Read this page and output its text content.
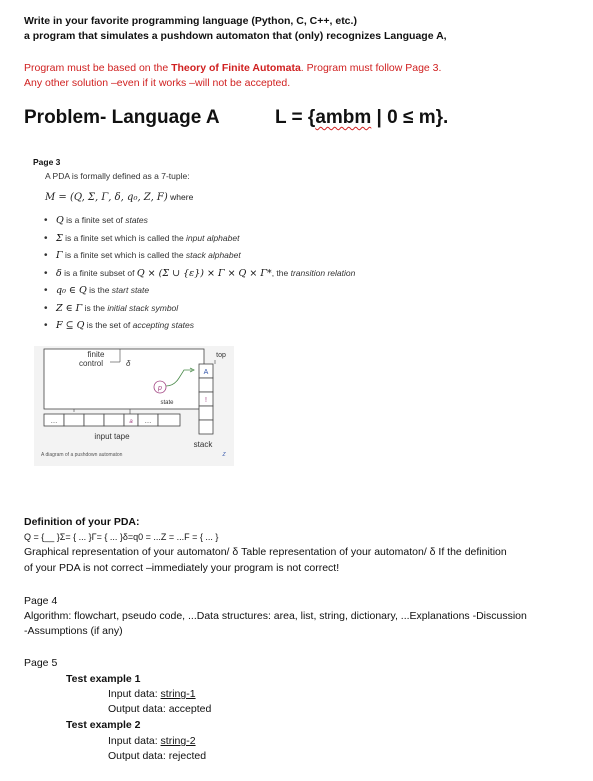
Write in your favorite programming language (Python, C, C++, etc.)
a program that simulates a pushdown automaton that (only) recognizes Language A,
Program must be based on the Theory of Finite Automata. Program must follow Page 3.
Any other solution –even if it works –will not be accepted.
Problem- Language A	L = {ambm | 0 ≤ m}.
Page 3
A PDA is formally defined as a 7-tuple:
M = (Q, Σ, Γ, δ, q₀, Z, F) where
• Q is a finite set of states
• Σ is a finite set which is called the input alphabet
• Γ is a finite set which is called the stack alphabet
• δ is a finite subset of Q × (Σ ∪ {ε}) × Γ × Q × Γ*, the transition relation
• q₀ ∈ Q is the start state
• Z ∈ Γ is the initial stack symbol
• F ⊆ Q is the set of accepting states
finite
control	δ
p
state
top
A
!
stack
Z
…	a …
input tape
A diagram of a pushdown automaton
Definition of your PDA:
Q = {__ }Σ= { ... }Γ= { ... }δ=q0 = ...Z = ...F = { ... }
Graphical representation of your automaton/ δ Table representation of your automaton/ δ If the definition
of your PDA is not correct –immediately your program is not correct!
Page 4
Algorithm: flowchart, pseudo code, ...Data structures: area, list, string, dictionary, ...Explanations -Discussion
-Assumptions (if any)
Page 5
Test example 1
Input data: string-1
Output data: accepted
Test example 2
Input data: string-2
Output data: rejected
